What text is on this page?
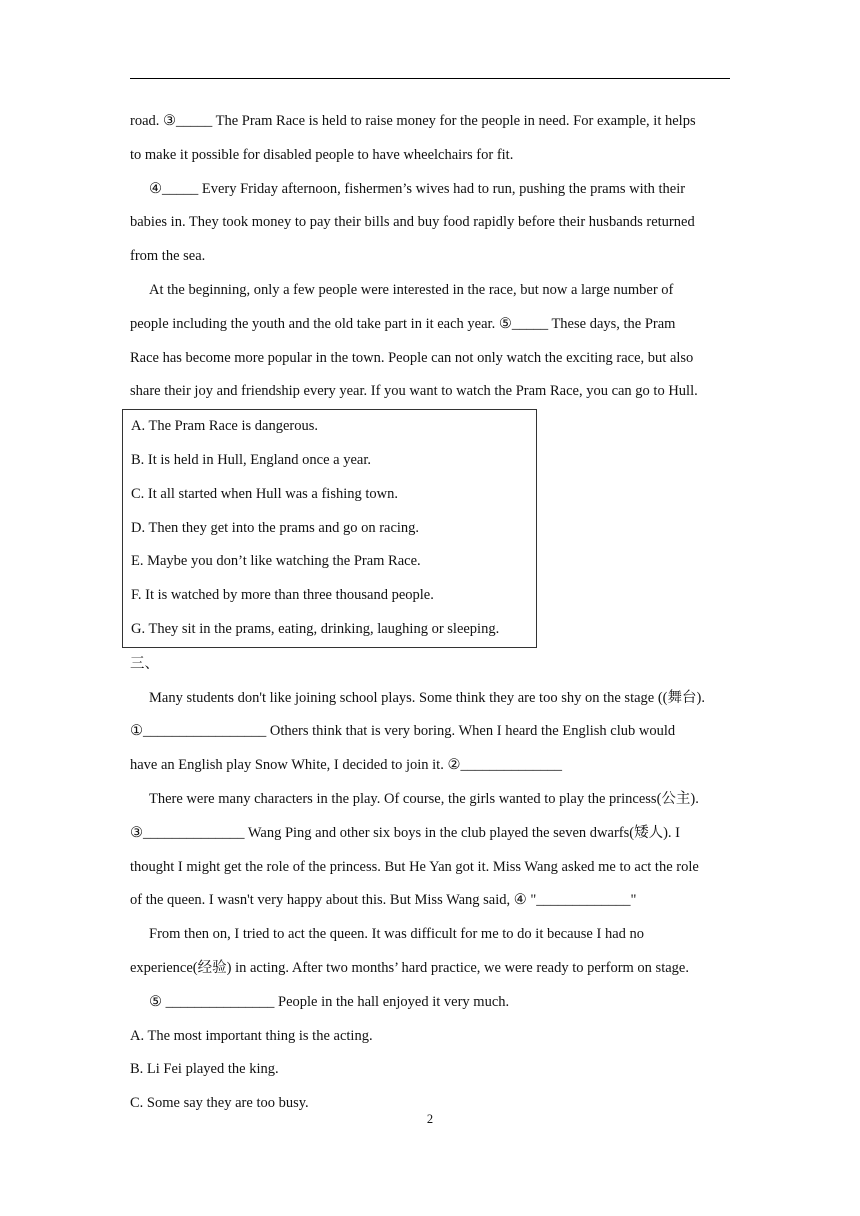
road. ③_____ The Pram Race is held to raise money for the people in need. For example, it helps
to make it possible for disabled people to have wheelchairs for fit.
④_____ Every Friday afternoon, fishermen’s wives had to run, pushing the prams with their
babies in. They took money to pay their bills and buy food rapidly before their husbands returned
from the sea.
At the beginning, only a few people were interested in the race, but now a large number of
people including the youth and the old take part in it each year. ⑤_____ These days, the Pram
Race has become more popular in the town. People can not only watch the exciting race, but also
share their joy and friendship every year. If you want to watch the Pram Race, you can go to Hull.
A. The Pram Race is dangerous.
B. It is held in Hull, England once a year.
C. It all started when Hull was a fishing town.
D. Then they get into the prams and go on racing.
E. Maybe you don’t like watching the Pram Race.
F. It is watched by more than three thousand people.
G. They sit in the prams, eating, drinking, laughing or sleeping.
三、
Many students don't like joining school plays. Some think they are too shy on the stage ((舞台).
①_________________ Others think that is very boring. When I heard the English club would
have an English play Snow White, I decided to join it. ②______________
There were many characters in the play. Of course, the girls wanted to play the princess(公主).
③______________ Wang Ping and other six boys in the club played the seven dwarfs(矮人). I
thought I might get the role of the princess. But He Yan got it. Miss Wang asked me to act the role
of the queen. I wasn't very happy about this. But Miss Wang said, ④ "_____________"
From then on, I tried to act the queen. It was difficult for me to do it because I had no
experience(经验) in acting. After two months’ hard practice, we were ready to perform on stage.
⑤ _______________ People in the hall enjoyed it very much.
A. The most important thing is the acting.
B. Li Fei played the king.
C. Some say they are too busy.
2
